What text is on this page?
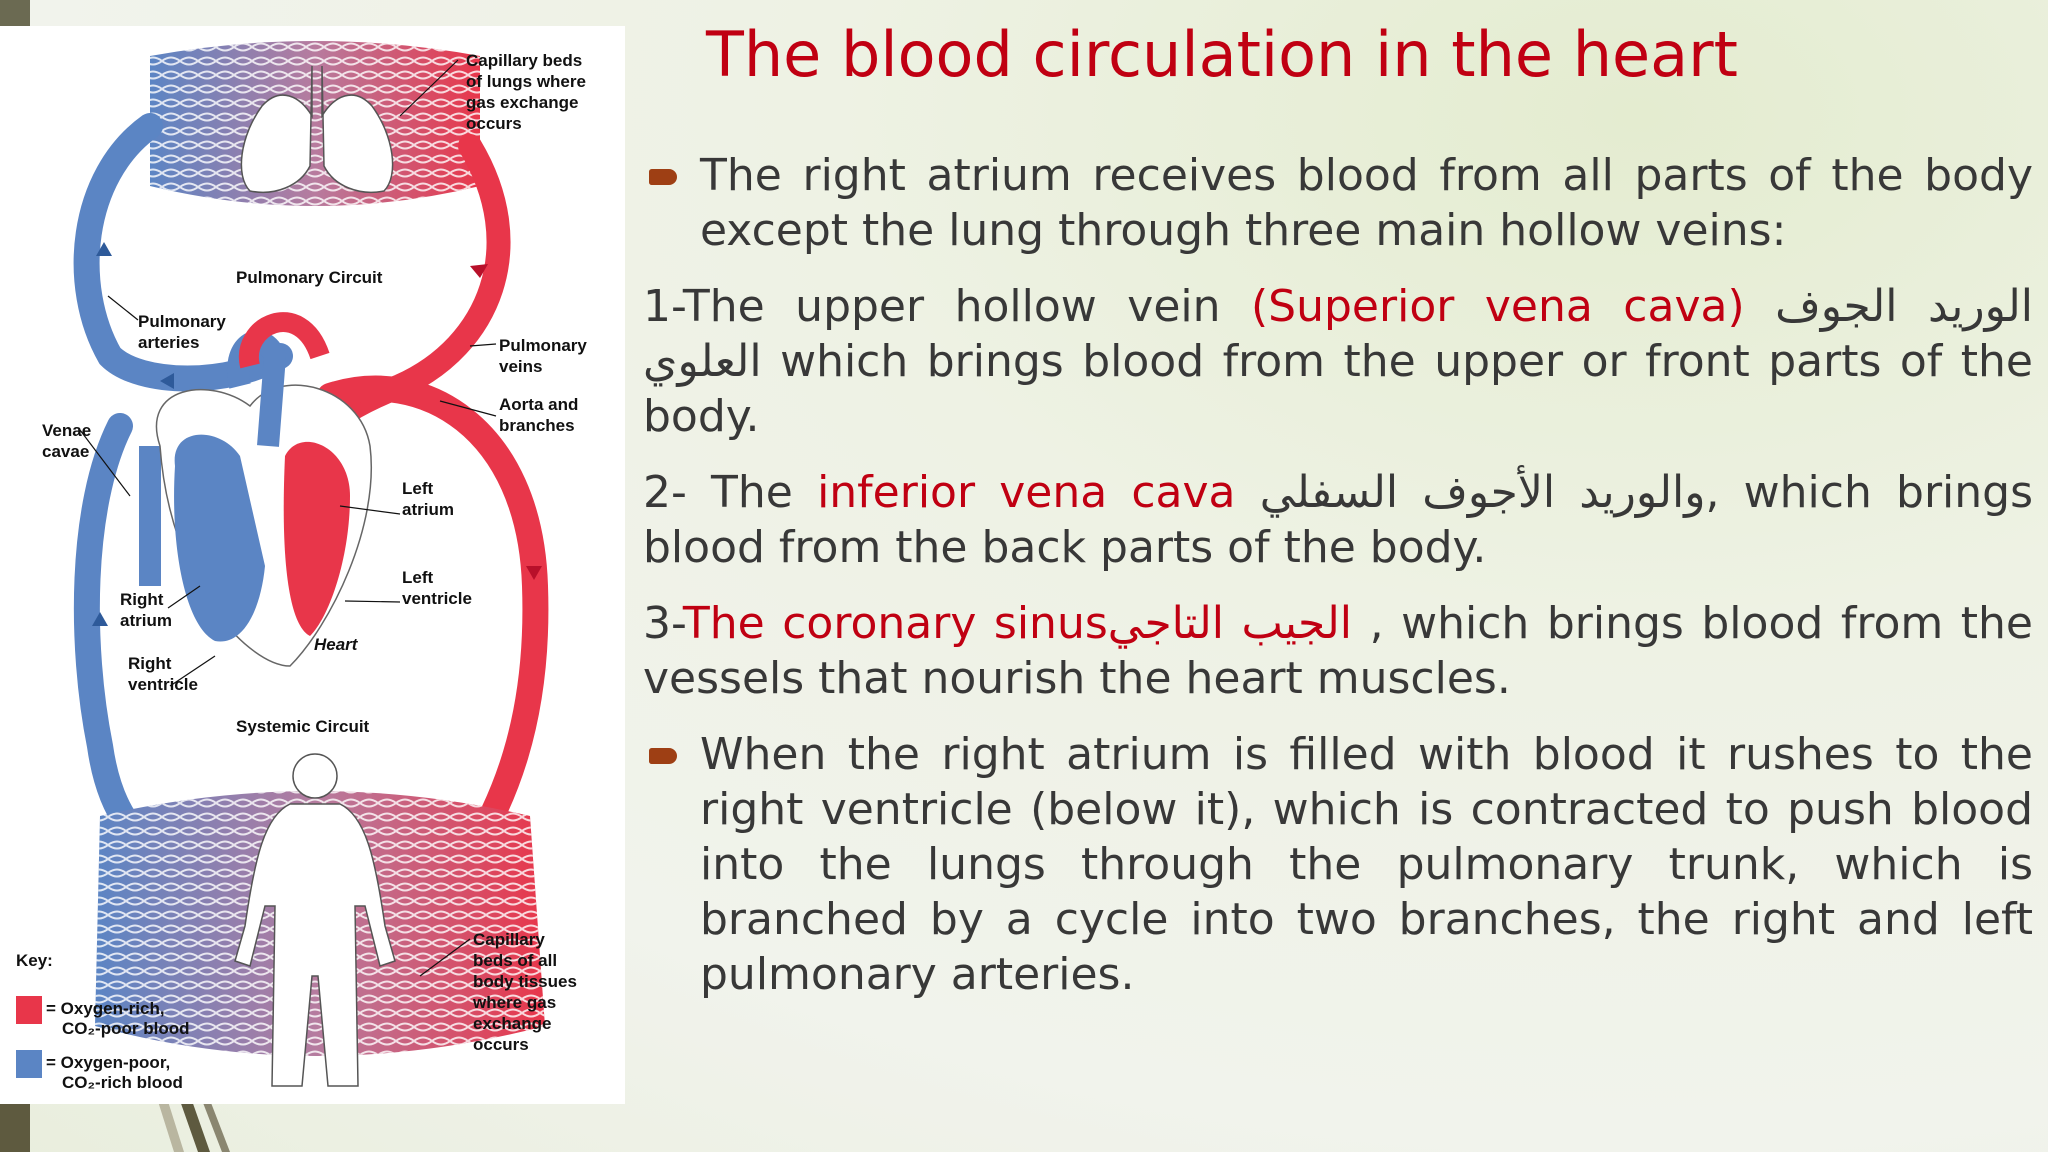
Capillary beds
of lungs where
gas exchange
occurs
Pulmonary Circuit
Pulmonary
arteries	Pulmonary
veins
Aorta and
branches
Venae
cavae
Left
atrium
Left
ventricle
Right
atrium
Heart
Right
ventricle
Systemic Circuit
Capillary
beds of all
body tissues
where gas
exchange
occurs
Key:
= Oxygen-rich,
CO₂-poor blood
= Oxygen-poor,
CO₂-rich blood
The blood circulation in the heart

The right atrium receives blood from all parts of the body except the lung through three main hollow veins:

1-The upper hollow vein (Superior vena cava) الوريد الجوف العلوي which brings blood from the upper or front parts of the body.

2- The inferior vena cava والوريد الأجوف السفلي, which brings blood from the back parts of the body.

3-The coronary sinusالجيب التاجي , which brings blood from the vessels that nourish the heart muscles.

When the right atrium is filled with blood it rushes to the right ventricle (below it), which is contracted to push blood into the lungs through the pulmonary trunk, which is branched by a cycle into two branches, the right and left pulmonary arteries.
